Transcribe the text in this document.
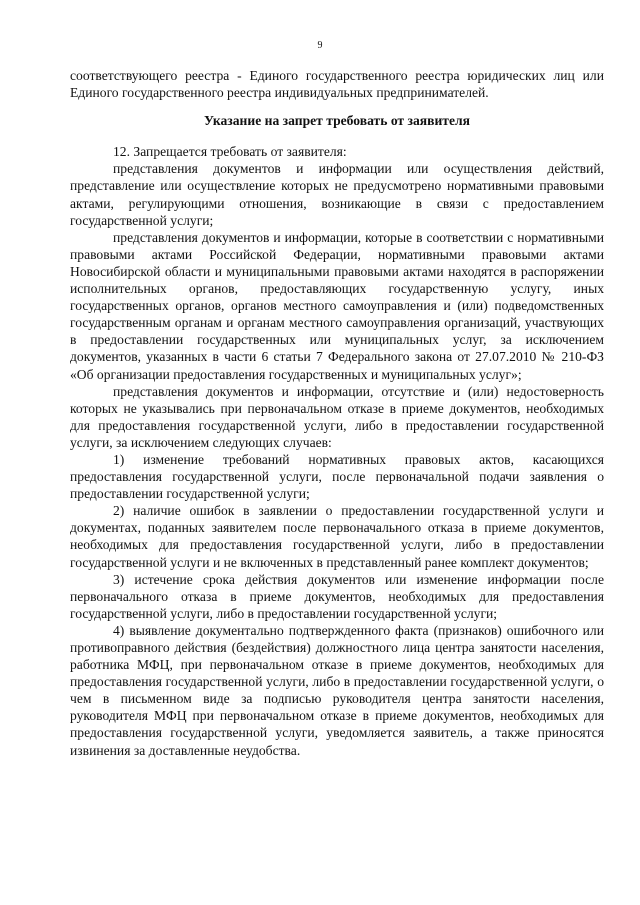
9

соответствующего реестра - Единого государственного реестра юридических лиц или Единого государственного реестра индивидуальных предпринимателей.

Указание на запрет требовать от заявителя

12. Запрещается требовать от заявителя:

представления документов и информации или осуществления действий, представление или осуществление которых не предусмотрено нормативными правовыми актами, регулирующими отношения, возникающие в связи с предоставлением государственной услуги;

представления документов и информации, которые в соответствии с нормативными правовыми актами Российской Федерации, нормативными правовыми актами Новосибирской области и муниципальными правовыми актами находятся в распоряжении исполнительных органов, предоставляющих государственную услугу, иных государственных органов, органов местного самоуправления и (или) подведомственных государственным органам и органам местного самоуправления организаций, участвующих в предоставлении государственных или муниципальных услуг, за исключением документов, указанных в части 6 статьи 7 Федерального закона от 27.07.2010 № 210-ФЗ «Об организации предоставления государственных и муниципальных услуг»;

представления документов и информации, отсутствие и (или) недостоверность которых не указывались при первоначальном отказе в приеме документов, необходимых для предоставления государственной услуги, либо в предоставлении государственной услуги, за исключением следующих случаев:

1) изменение требований нормативных правовых актов, касающихся предоставления государственной услуги, после первоначальной подачи заявления о предоставлении государственной услуги;

2) наличие ошибок в заявлении о предоставлении государственной услуги и документах, поданных заявителем после первоначального отказа в приеме документов, необходимых для предоставления государственной услуги, либо в предоставлении государственной услуги и не включенных в представленный ранее комплект документов;

3) истечение срока действия документов или изменение информации после первоначального отказа в приеме документов, необходимых для предоставления государственной услуги, либо в предоставлении государственной услуги;

4) выявление документально подтвержденного факта (признаков) ошибочного или противоправного действия (бездействия) должностного лица центра занятости населения, работника МФЦ, при первоначальном отказе в приеме документов, необходимых для предоставления государственной услуги, либо в предоставлении государственной услуги, о чем в письменном виде за подписью руководителя центра занятости населения, руководителя МФЦ при первоначальном отказе в приеме документов, необходимых для предоставления государственной услуги, уведомляется заявитель, а также приносятся извинения за доставленные неудобства.
